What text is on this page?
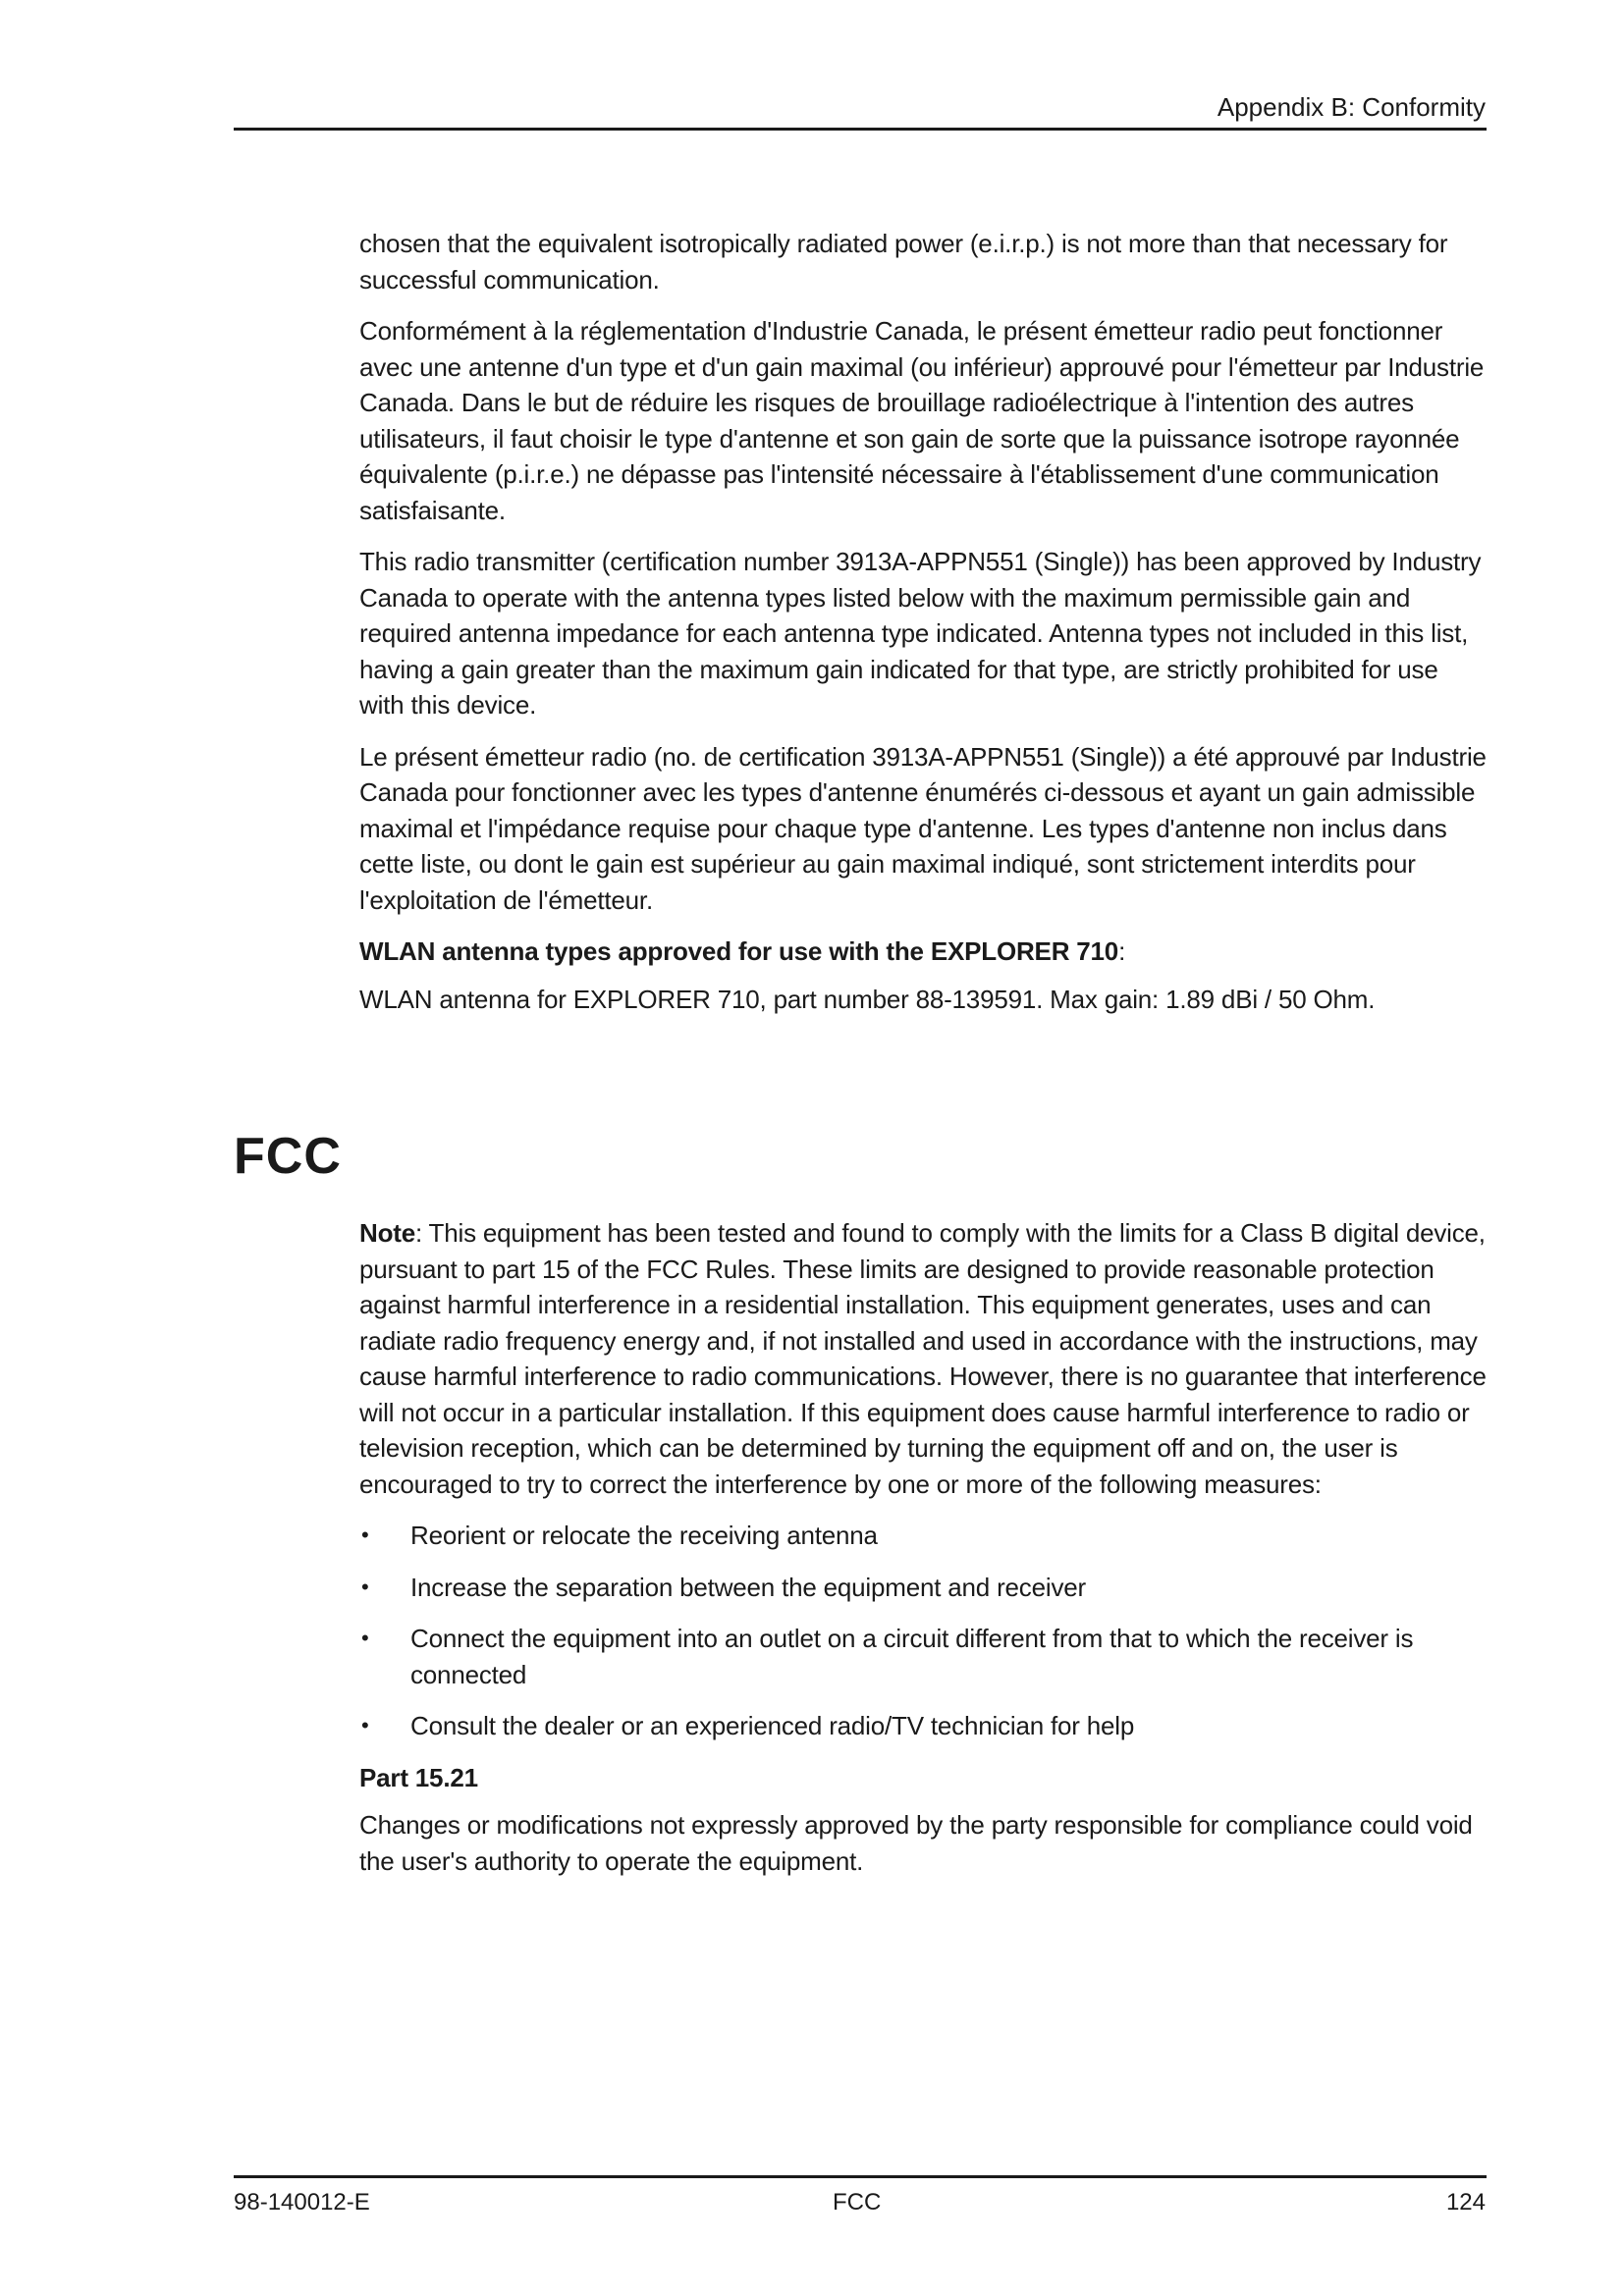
Appendix B: Conformity

chosen that the equivalent isotropically radiated power (e.i.r.p.) is not more than that necessary for successful communication.

Conformément à la réglementation d'Industrie Canada, le présent émetteur radio peut fonctionner avec une antenne d'un type et d'un gain maximal (ou inférieur) approuvé pour l'émetteur par Industrie Canada. Dans le but de réduire les risques de brouillage radioélectrique à l'intention des autres utilisateurs, il faut choisir le type d'antenne et son gain de sorte que la puissance isotrope rayonnée équivalente (p.i.r.e.) ne dépasse pas l'intensité nécessaire à l'établissement d'une communication satisfaisante.

This radio transmitter (certification number 3913A-APPN551 (Single)) has been approved by Industry Canada to operate with the antenna types listed below with the maximum permissible gain and required antenna impedance for each antenna type indicated. Antenna types not included in this list, having a gain greater than the maximum gain indicated for that type, are strictly prohibited for use with this device.

Le présent émetteur radio (no. de certification 3913A-APPN551 (Single)) a été approuvé par Industrie Canada pour fonctionner avec les types d'antenne énumérés ci-dessous et ayant un gain admissible maximal et l'impédance requise pour chaque type d'antenne. Les types d'antenne non inclus dans cette liste, ou dont le gain est supérieur au gain maximal indiqué, sont strictement interdits pour l'exploitation de l'émetteur.

WLAN antenna types approved for use with the EXPLORER 710:

WLAN antenna for EXPLORER 710, part number 88-139591. Max gain: 1.89 dBi / 50 Ohm.

FCC

Note: This equipment has been tested and found to comply with the limits for a Class B digital device, pursuant to part 15 of the FCC Rules. These limits are designed to provide reasonable protection against harmful interference in a residential installation. This equipment generates, uses and can radiate radio frequency energy and, if not installed and used in accordance with the instructions, may cause harmful interference to radio communications. However, there is no guarantee that interference will not occur in a particular installation. If this equipment does cause harmful interference to radio or television reception, which can be determined by turning the equipment off and on, the user is encouraged to try to correct the interference by one or more of the following measures:

• Reorient or relocate the receiving antenna
• Increase the separation between the equipment and receiver
• Connect the equipment into an outlet on a circuit different from that to which the receiver is connected
• Consult the dealer or an experienced radio/TV technician for help
Part 15.21

Changes or modifications not expressly approved by the party responsible for compliance could void the user's authority to operate the equipment.

98-140012-E	FCC	124
